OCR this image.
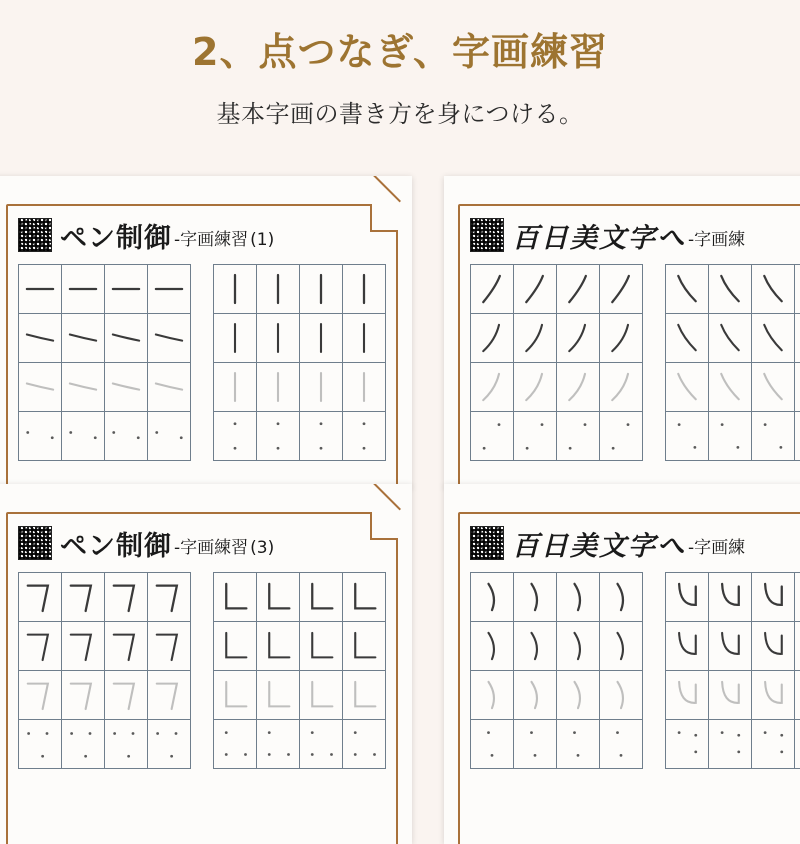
2、点つなぎ、字画練習
基本字画の書き方を身につける。
ペン制御 -字画練習 (1)	百日美文字へ -字画練
ペン制御 -字画練習 (3)	百日美文字へ -字画練
